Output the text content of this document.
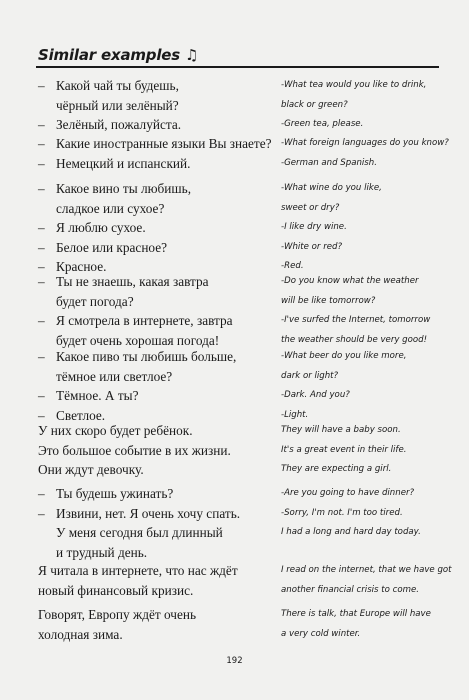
Similar examples ♫
– Какой чай ты будешь,
чёрный или зелёный?
– Зелёный, пожалуйста.
-What tea would you like to drink,
black or green?
-Green tea, please.
– Какие иностранные языки Вы знаете?
– Немецкий и испанский.
-What foreign languages do you know?
-German and Spanish.
– Какое вино ты любишь,
сладкое или сухое?
– Я люблю сухое.
– Белое или красное?
– Красное.
-What wine do you like,
sweet or dry?
-I like dry wine.
-White or red?
-Red.
– Ты не знаешь, какая завтра
будет погода?
– Я смотрела в интернете, завтра
будет очень хорошая погода!
-Do you know what the weather
will be like tomorrow?
-I've surfed the Internet, tomorrow
the weather should be very good!
– Какое пиво ты любишь больше,
тёмное или светлое?
– Тёмное. А ты?
– Светлое.
-What beer do you like more,
dark or light?
-Dark. And you?
-Light.
У них скоро будет ребёнок.
Это большое событие в их жизни.
Они ждут девочку.
They will have a baby soon.
It's a great event in their life.
They are expecting a girl.
– Ты будешь ужинать?
– Извини, нет. Я очень хочу спать.
У меня сегодня был длинный
и трудный день.
-Are you going to have dinner?
-Sorry, I'm not. I'm too tired.
I had a long and hard day today.
Я читала в интернете, что нас ждёт
новый финансовый кризис.
I read on the internet, that we have got
another financial crisis to come.
Говорят, Европу ждёт очень
холодная зима.
There is talk, that Europe will have
a very cold winter.
192
